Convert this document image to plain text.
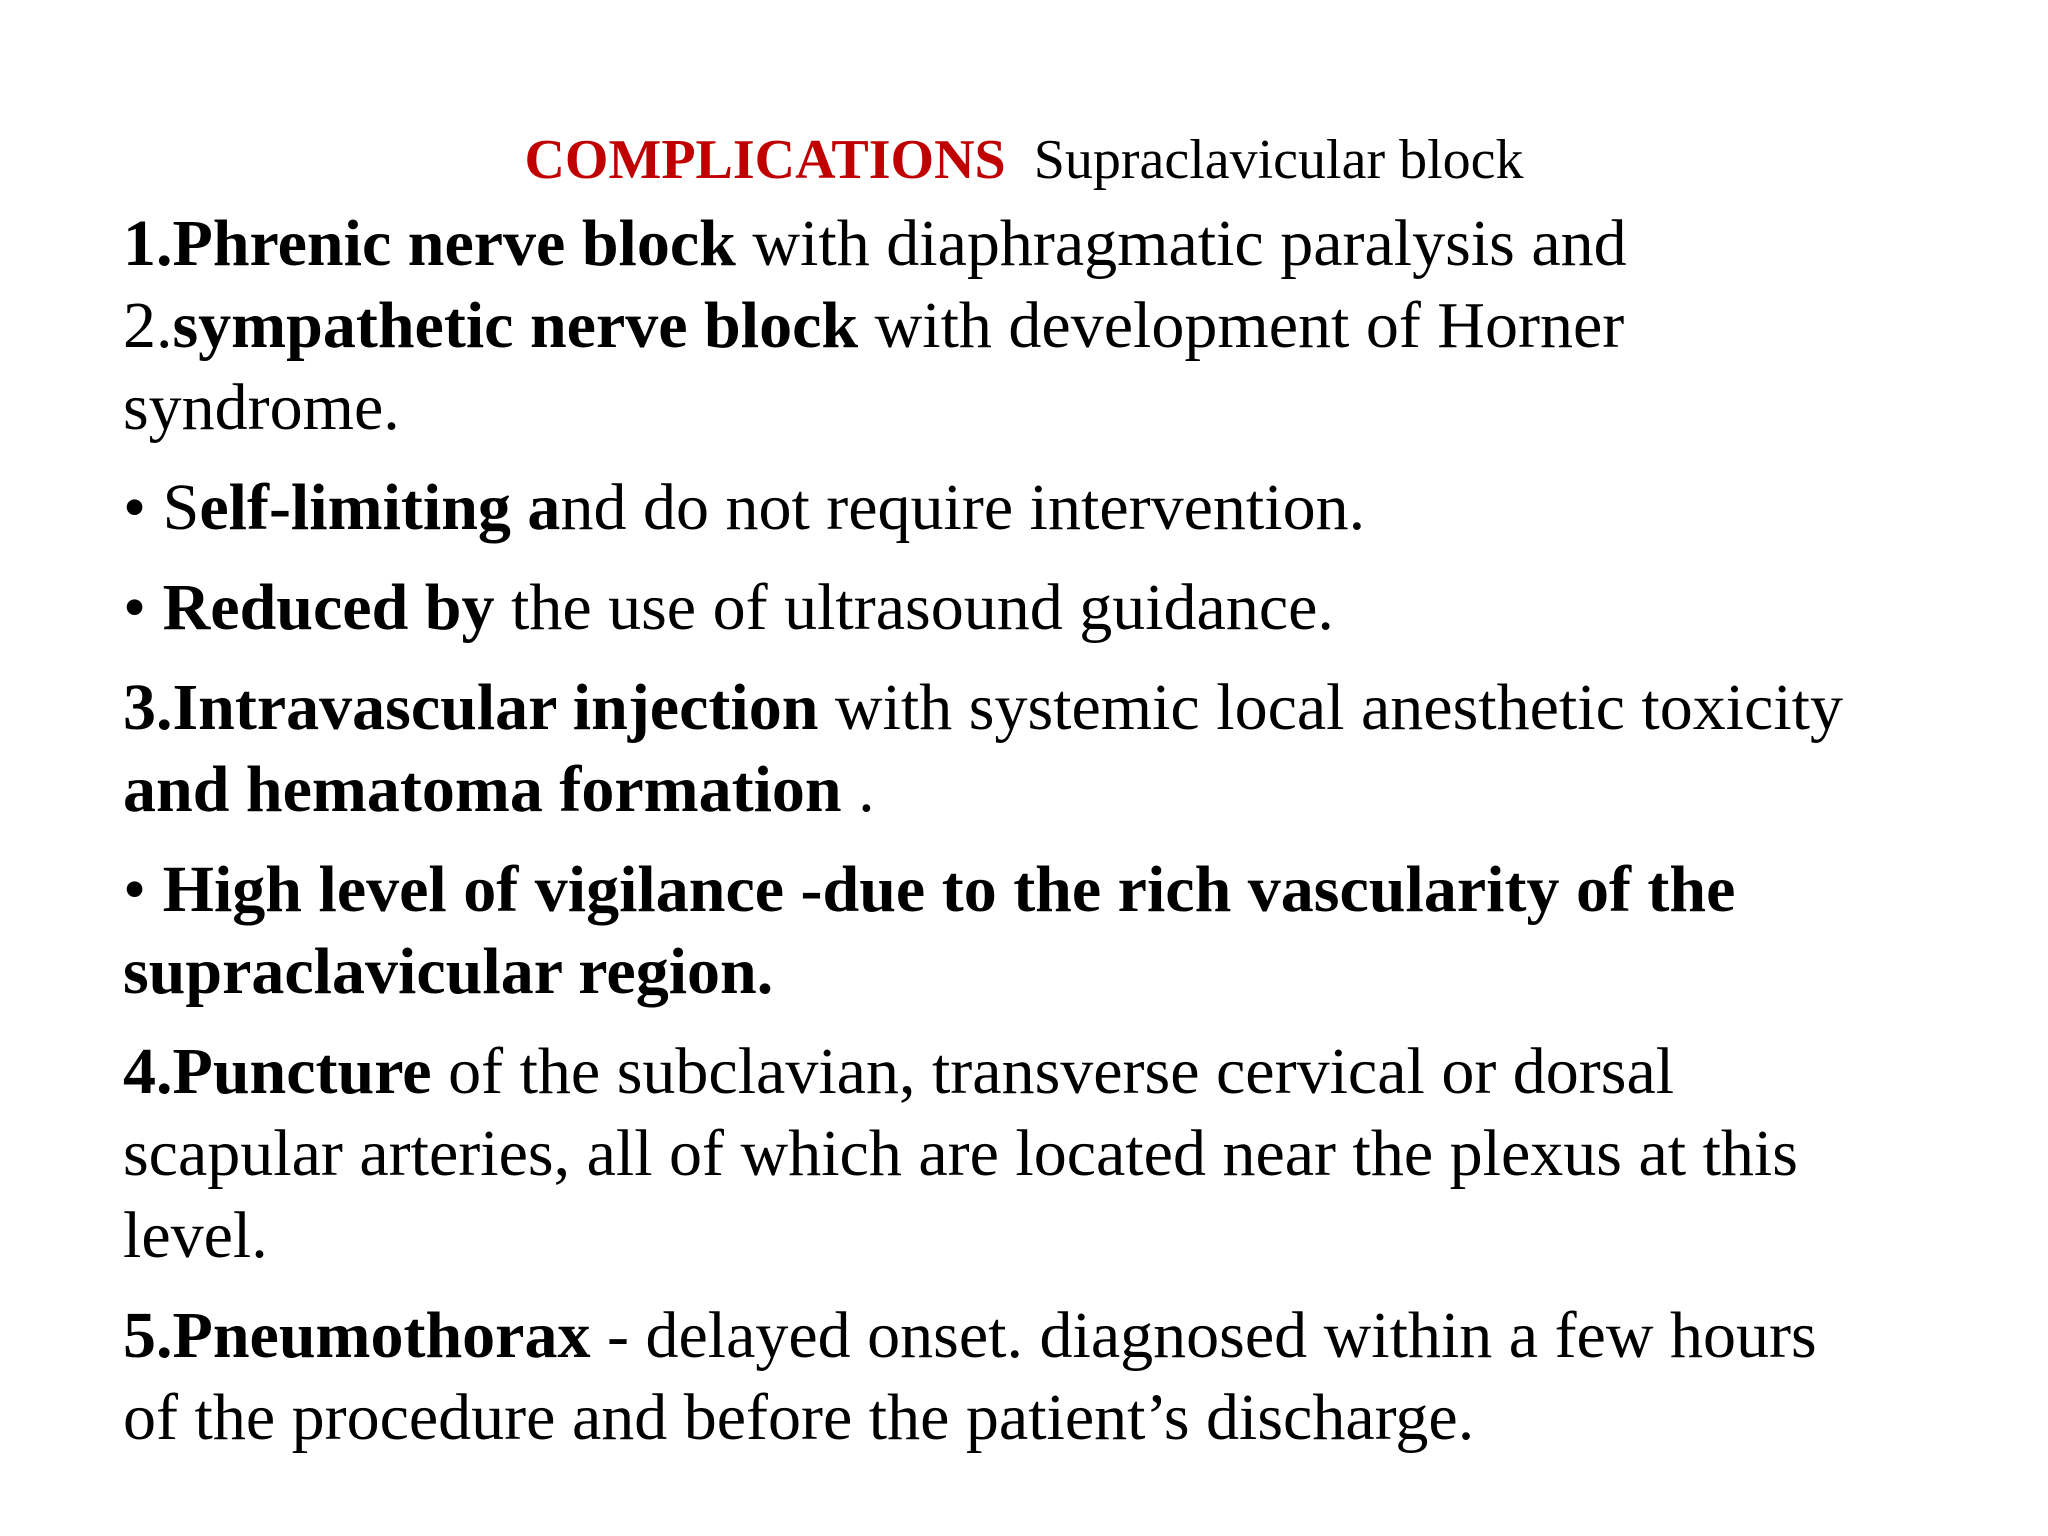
COMPLICATIONS Supraclavicular block

1.Phrenic nerve block with diaphragmatic paralysis and

2.sympathetic nerve block with development of Horner
syndrome.

• Self-limiting and do not require intervention.

• Reduced by the use of ultrasound guidance.

3.Intravascular injection with systemic local anesthetic toxicity
and hematoma formation .

• High level of vigilance -due to the rich vascularity of the
supraclavicular region.

4.Puncture of the subclavian, transverse cervical or dorsal
scapular arteries, all of which are located near the plexus at this
level.

5.Pneumothorax - delayed onset. diagnosed within a few hours
of the procedure and before the patient’s discharge.
